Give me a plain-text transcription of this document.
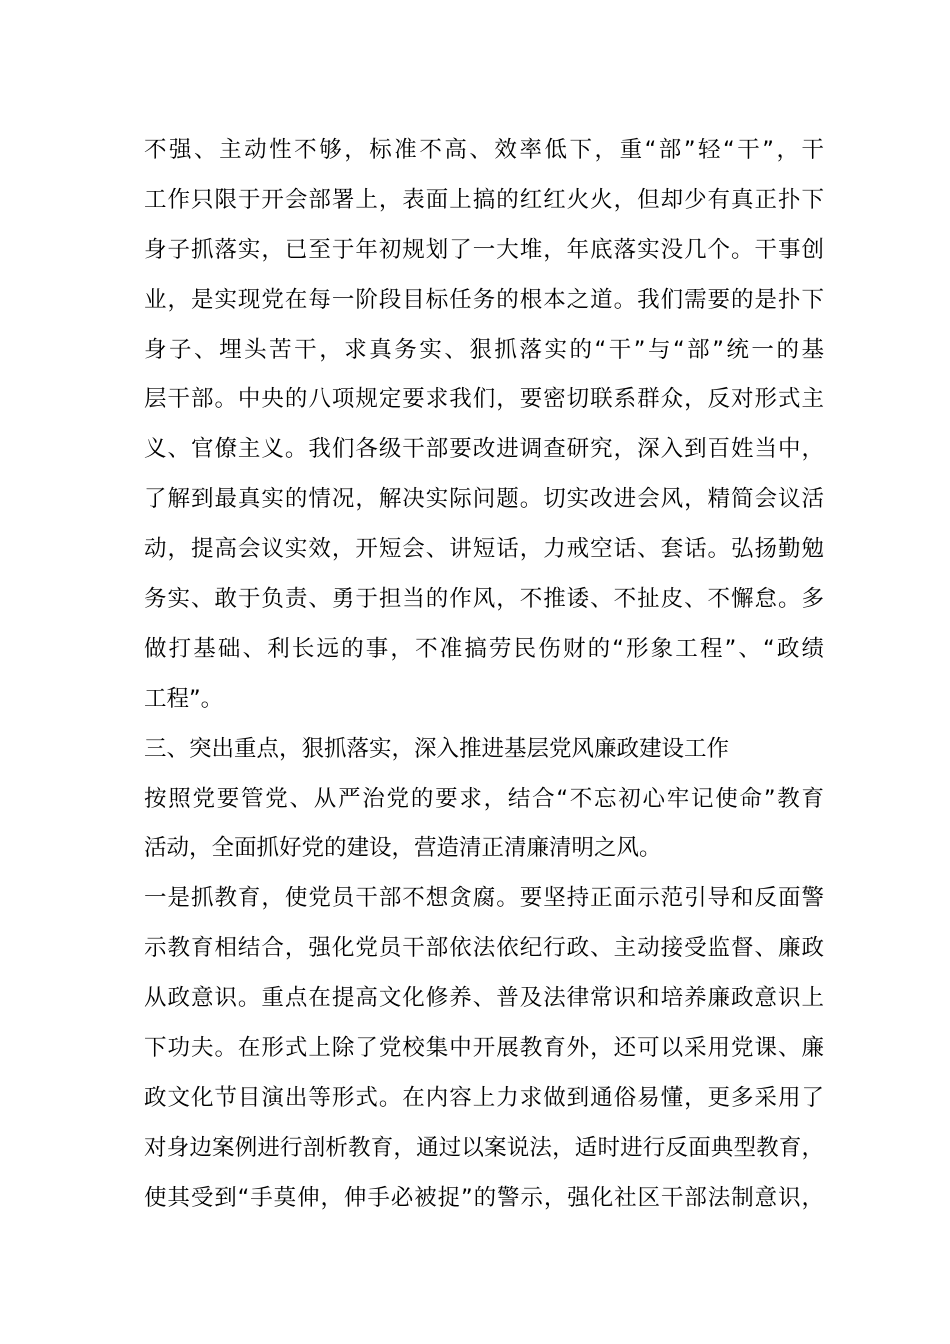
不强、主动性不够，标准不高、效率低下，重“部”轻“干”，干
工作只限于开会部署上，表面上搞的红红火火，但却少有真正扑下
身子抓落实，已至于年初规划了一大堆，年底落实没几个。干事创
业，是实现党在每一阶段目标任务的根本之道。我们需要的是扑下
身子、埋头苦干，求真务实、狠抓落实的“干”与“部”统一的基
层干部。中央的八项规定要求我们，要密切联系群众，反对形式主
义、官僚主义。我们各级干部要改进调查研究，深入到百姓当中，
了解到最真实的情况，解决实际问题。切实改进会风，精简会议活
动，提高会议实效，开短会、讲短话，力戒空话、套话。弘扬勤勉
务实、敢于负责、勇于担当的作风，不推诿、不扯皮、不懈怠。多
做打基础、利长远的事，不准搞劳民伤财的“形象工程”、“政绩
工程”。
三、突出重点，狠抓落实，深入推进基层党风廉政建设工作
按照党要管党、从严治党的要求，结合“不忘初心牢记使命”教育
活动，全面抓好党的建设，营造清正清廉清明之风。
一是抓教育，使党员干部不想贪腐。要坚持正面示范引导和反面警
示教育相结合，强化党员干部依法依纪行政、主动接受监督、廉政
从政意识。重点在提高文化修养、普及法律常识和培养廉政意识上
下功夫。在形式上除了党校集中开展教育外，还可以采用党课、廉
政文化节目演出等形式。在内容上力求做到通俗易懂，更多采用了
对身边案例进行剖析教育，通过以案说法，适时进行反面典型教育，
使其受到“手莫伸，伸手必被捉”的警示，强化社区干部法制意识，
